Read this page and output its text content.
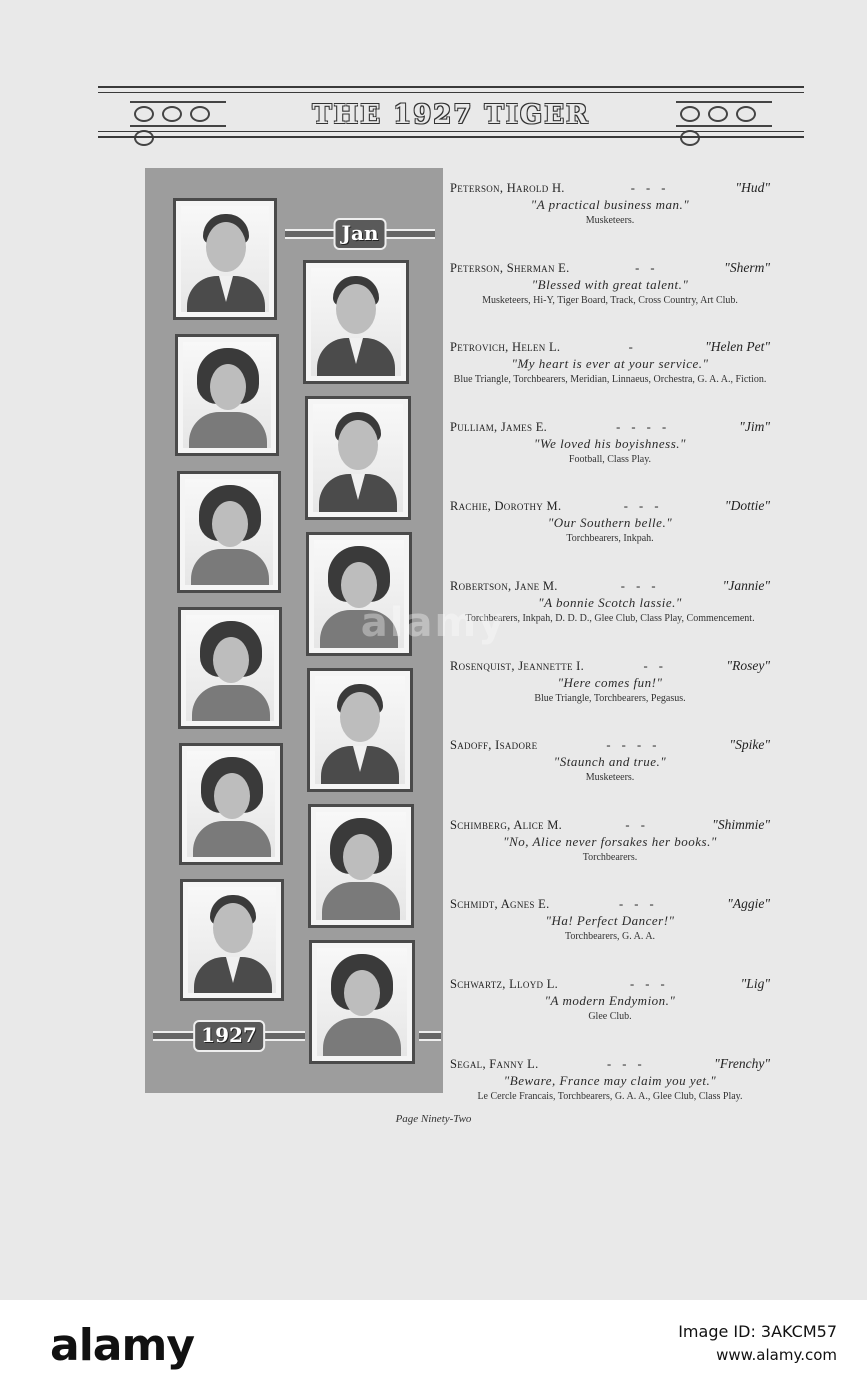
THE 1927 TIGER
Jan
1927
Peterson, Harold H.	- - -	"Hud"
"A practical business man."
Musketeers.
Peterson, Sherman E.	- -	"Sherm"
"Blessed with great talent."
Musketeers, Hi-Y, Tiger Board, Track, Cross Country, Art Club.
Petrovich, Helen L.	-	"Helen Pet"
"My heart is ever at your service."
Blue Triangle, Torchbearers, Meridian, Linnaeus, Orchestra, G. A. A., Fiction.
Pulliam, James E.	- - - -	"Jim"
"We loved his boyishness."
Football, Class Play.
Rachie, Dorothy M.	- - -	"Dottie"
"Our Southern belle."
Torchbearers, Inkpah.
Robertson, Jane M.	- - -	"Jannie"
"A bonnie Scotch lassie."
Torchbearers, Inkpah, D. D. D., Glee Club, Class Play, Commencement.
Rosenquist, Jeannette I.	- -	"Rosey"
"Here comes fun!"
Blue Triangle, Torchbearers, Pegasus.
Sadoff, Isadore	- - - -	"Spike"
"Staunch and true."
Musketeers.
Schimberg, Alice M.	- -	"Shimmie"
"No, Alice never forsakes her books."
Torchbearers.
Schmidt, Agnes E.	- - -	"Aggie"
"Ha! Perfect Dancer!"
Torchbearers, G. A. A.
Schwartz, Lloyd L.	- - -	"Lig"
"A modern Endymion."
Glee Club.
Segal, Fanny L.	- - -	"Frenchy"
"Beware, France may claim you yet."
Le Cercle Francais, Torchbearers, G. A. A., Glee Club, Class Play.
Page Ninety-Two
alamy
alamy	Image ID: 3AKCM57
www.alamy.com
